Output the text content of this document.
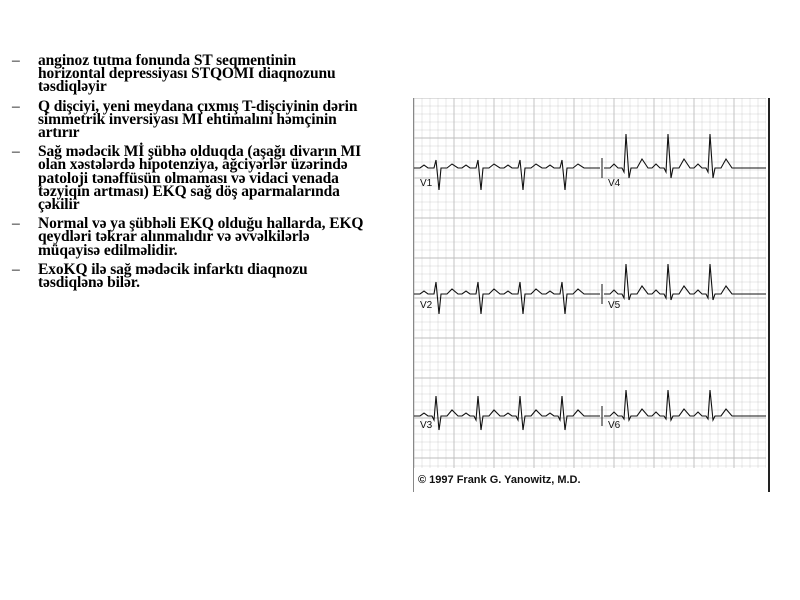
– anginoz tutma fonunda ST seqmentinin horizontal depressiyası STQOMI diaqnozunu təsdiqləyir
– Q dişciyi, yeni meydana çıxmış T-dişciyinin dərin simmetrik inversiyası MI ehtimalını həmçinin artırır
– Sağ mədəcik Mİ şübhə olduqda (aşağı divarın MI olan xəstələrdə hipotenziya, ağciyərlər üzərində patoloji tənəffüsün olmaması və vidaci venada təzyiqin artması) EKQ sağ döş aparmalarında çəkilir
– Normal və ya şübhəli EKQ olduğu hallarda, EKQ qeydləri təkrar alınmalıdır və əvvəlkilərlə müqayisə edilməlidir.
– ExoKQ ilə sağ mədəcik infarktı diaqnozu təsdiqlənə bilər.
V1	V4
V2	V5
V3	V6
© 1997 Frank G. Yanowitz, M.D.
